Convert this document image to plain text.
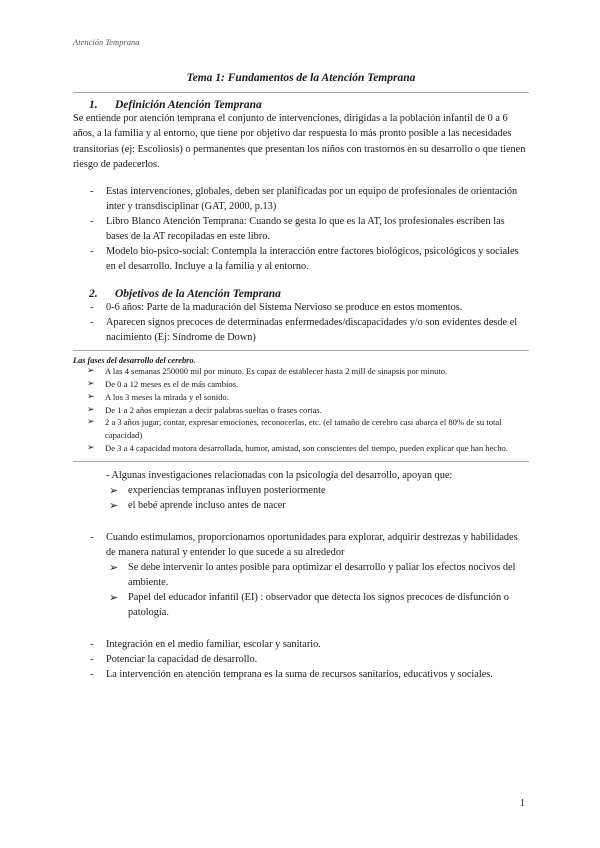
Atención Temprana
Tema 1: Fundamentos de la Atención Temprana
1.	Definición Atención Temprana

Se entiende por atención temprana el conjunto de intervenciones, dirigidas a la población infantil de 0 a 6 años, a la familia y al entorno, que tiene por objetivo dar respuesta lo más pronto posible a las necesidades transitorias (ej: Escoliosis) o permanentes que presentan los niños con trastornos en su desarrollo o que tienen riesgo de padecerlos.

- Estas intervenciones, globales, deben ser planificadas por un equipo de profesionales de orientación inter y transdisciplinar (GAT, 2000, p.13)
- Libro Blanco Atención Temprana: Cuando se gesta lo que es la AT, los profesionales escriben las bases de la AT recopiladas en este libro.
- Modelo bio-psico-social: Contempla la interacción entre factores biológicos, psicológicos y sociales en el desarrollo. Incluye a la familia y al entorno.
2.	Objetivos de la Atención Temprana
- 0-6 años: Parte de la maduración del Sistema Nervioso se produce en estos momentos.
- Aparecen signos precoces de determinadas enfermedades/discapacidades y/o son evidentes desde el nacimiento (Ej: Síndrome de Down)
Las fases del desarrollo del cerebro.
➢ A las 4 semanas 250000 mil por minuto. Es capaz de establecer hasta 2 mill de sinapsis por minuto.
➢ De 0 a 12 meses es el de más cambios.
➢ A los 3 meses la mirada y el sonido.
➢ De 1 a 2 años empiezan a decir palabras sueltas o frases cortas.
➢ 2 a 3 años jugar, contar, expresar emociones, reconocerlas, etc. (el tamaño de cerebro casi abarca el 80% de su total capacidad)
➢ De 3 a 4 capacidad motora desarrollada, humor, amistad, son conscientes del tiempo, pueden explicar que han hecho.
- Algunas investigaciones relacionadas con la psicología del desarrollo, apoyan que:
➢ experiencias tempranas influyen posteriormente
➢ el bebé aprende incluso antes de nacer
- Cuando estimulamos, proporcionamos oportunidades para explorar, adquirir destrezas y habilidades de manera natural y entender lo que sucede a su alrededor
➢ Se debe intervenir lo antes posible para optimizar el desarrollo y paliar los efectos nocivos del ambiente.
➢ Papel del educador infantil (EI) : observador que detecta los signos precoces de disfunción o patología.
- Integración en el medio familiar, escolar y sanitario.
- Potenciar la capacidad de desarrollo.
- La intervención en atención temprana es la suma de recursos sanitarios, educativos y sociales.
1
